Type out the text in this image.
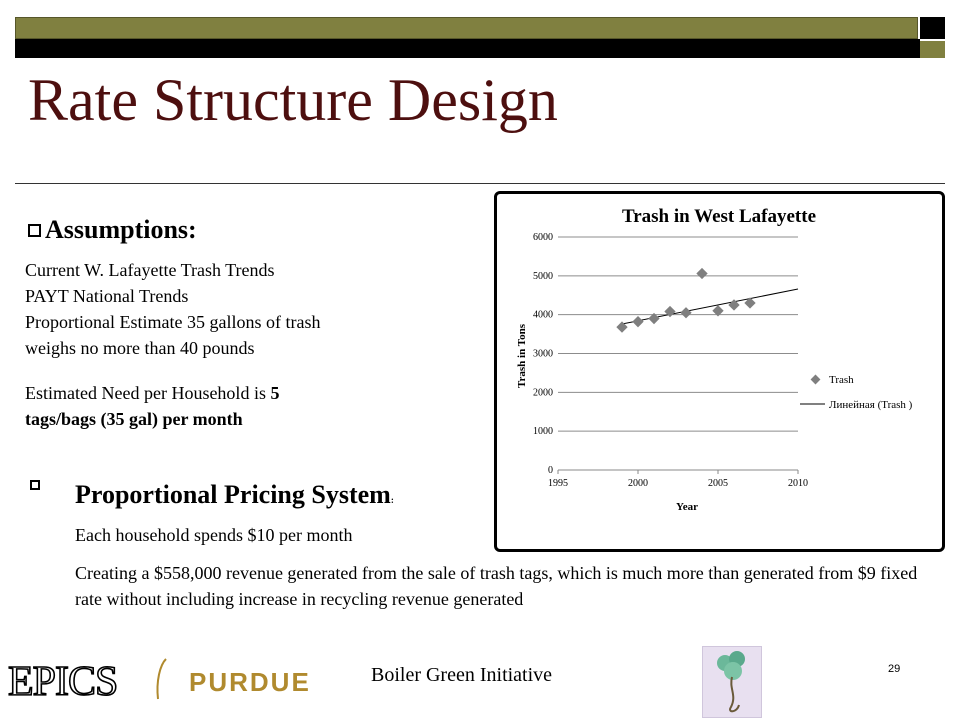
Rate Structure Design
Assumptions:
Current W. Lafayette Trash Trends
PAYT National Trends
Proportional Estimate 35 gallons of trash
weighs no more than 40 pounds
Estimated Need per Household is 5
tags/bags (35 gal) per month
Proportional Pricing System:
Each household spends $10 per month
Creating a $558,000 revenue generated from the sale of trash tags, which is much more than generated from $9 fixed rate without including increase in recycling revenue generated
Trash in West Lafayette
0
1000
2000
3000
4000
5000
6000
1995	2000	2005	2010
Year
Trash in Tons	Trash
Линейная (Trash )
EPICS	PURDUE	Boiler Green Initiative	29
